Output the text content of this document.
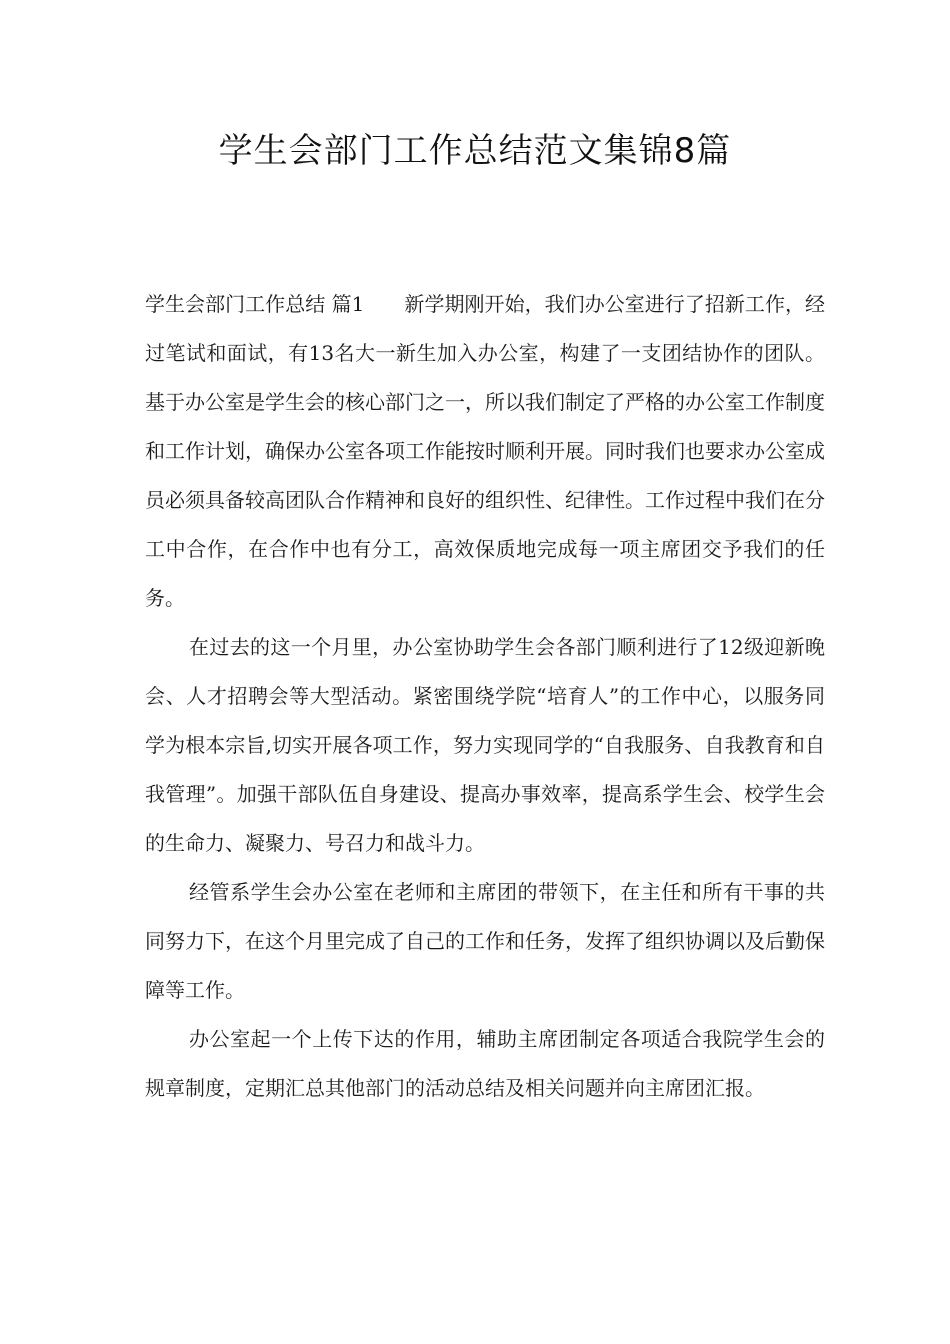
学生会部门工作总结范文集锦8篇

学生会部门工作总结 篇1 新学期刚开始，我们办公室进行了招新工作，经过笔试和面试，有13名大一新生加入办公室，构建了一支团结协作的团队。基于办公室是学生会的核心部门之一，所以我们制定了严格的办公室工作制度和工作计划，确保办公室各项工作能按时顺利开展。同时我们也要求办公室成员必须具备较高团队合作精神和良好的组织性、纪律性。工作过程中我们在分工中合作，在合作中也有分工，高效保质地完成每一项主席团交予我们的任务。

在过去的这一个月里，办公室协助学生会各部门顺利进行了12级迎新晚会、人才招聘会等大型活动。紧密围绕学院“培育人”的工作中心，以服务同学为根本宗旨,切实开展各项工作，努力实现同学的“自我服务、自我教育和自我管理”。加强干部队伍自身建设、提高办事效率，提高系学生会、校学生会的生命力、凝聚力、号召力和战斗力。

经管系学生会办公室在老师和主席团的带领下，在主任和所有干事的共同努力下，在这个月里完成了自己的工作和任务，发挥了组织协调以及后勤保障等工作。

办公室起一个上传下达的作用，辅助主席团制定各项适合我院学生会的规章制度，定期汇总其他部门的活动总结及相关问题并向主席团汇报。
